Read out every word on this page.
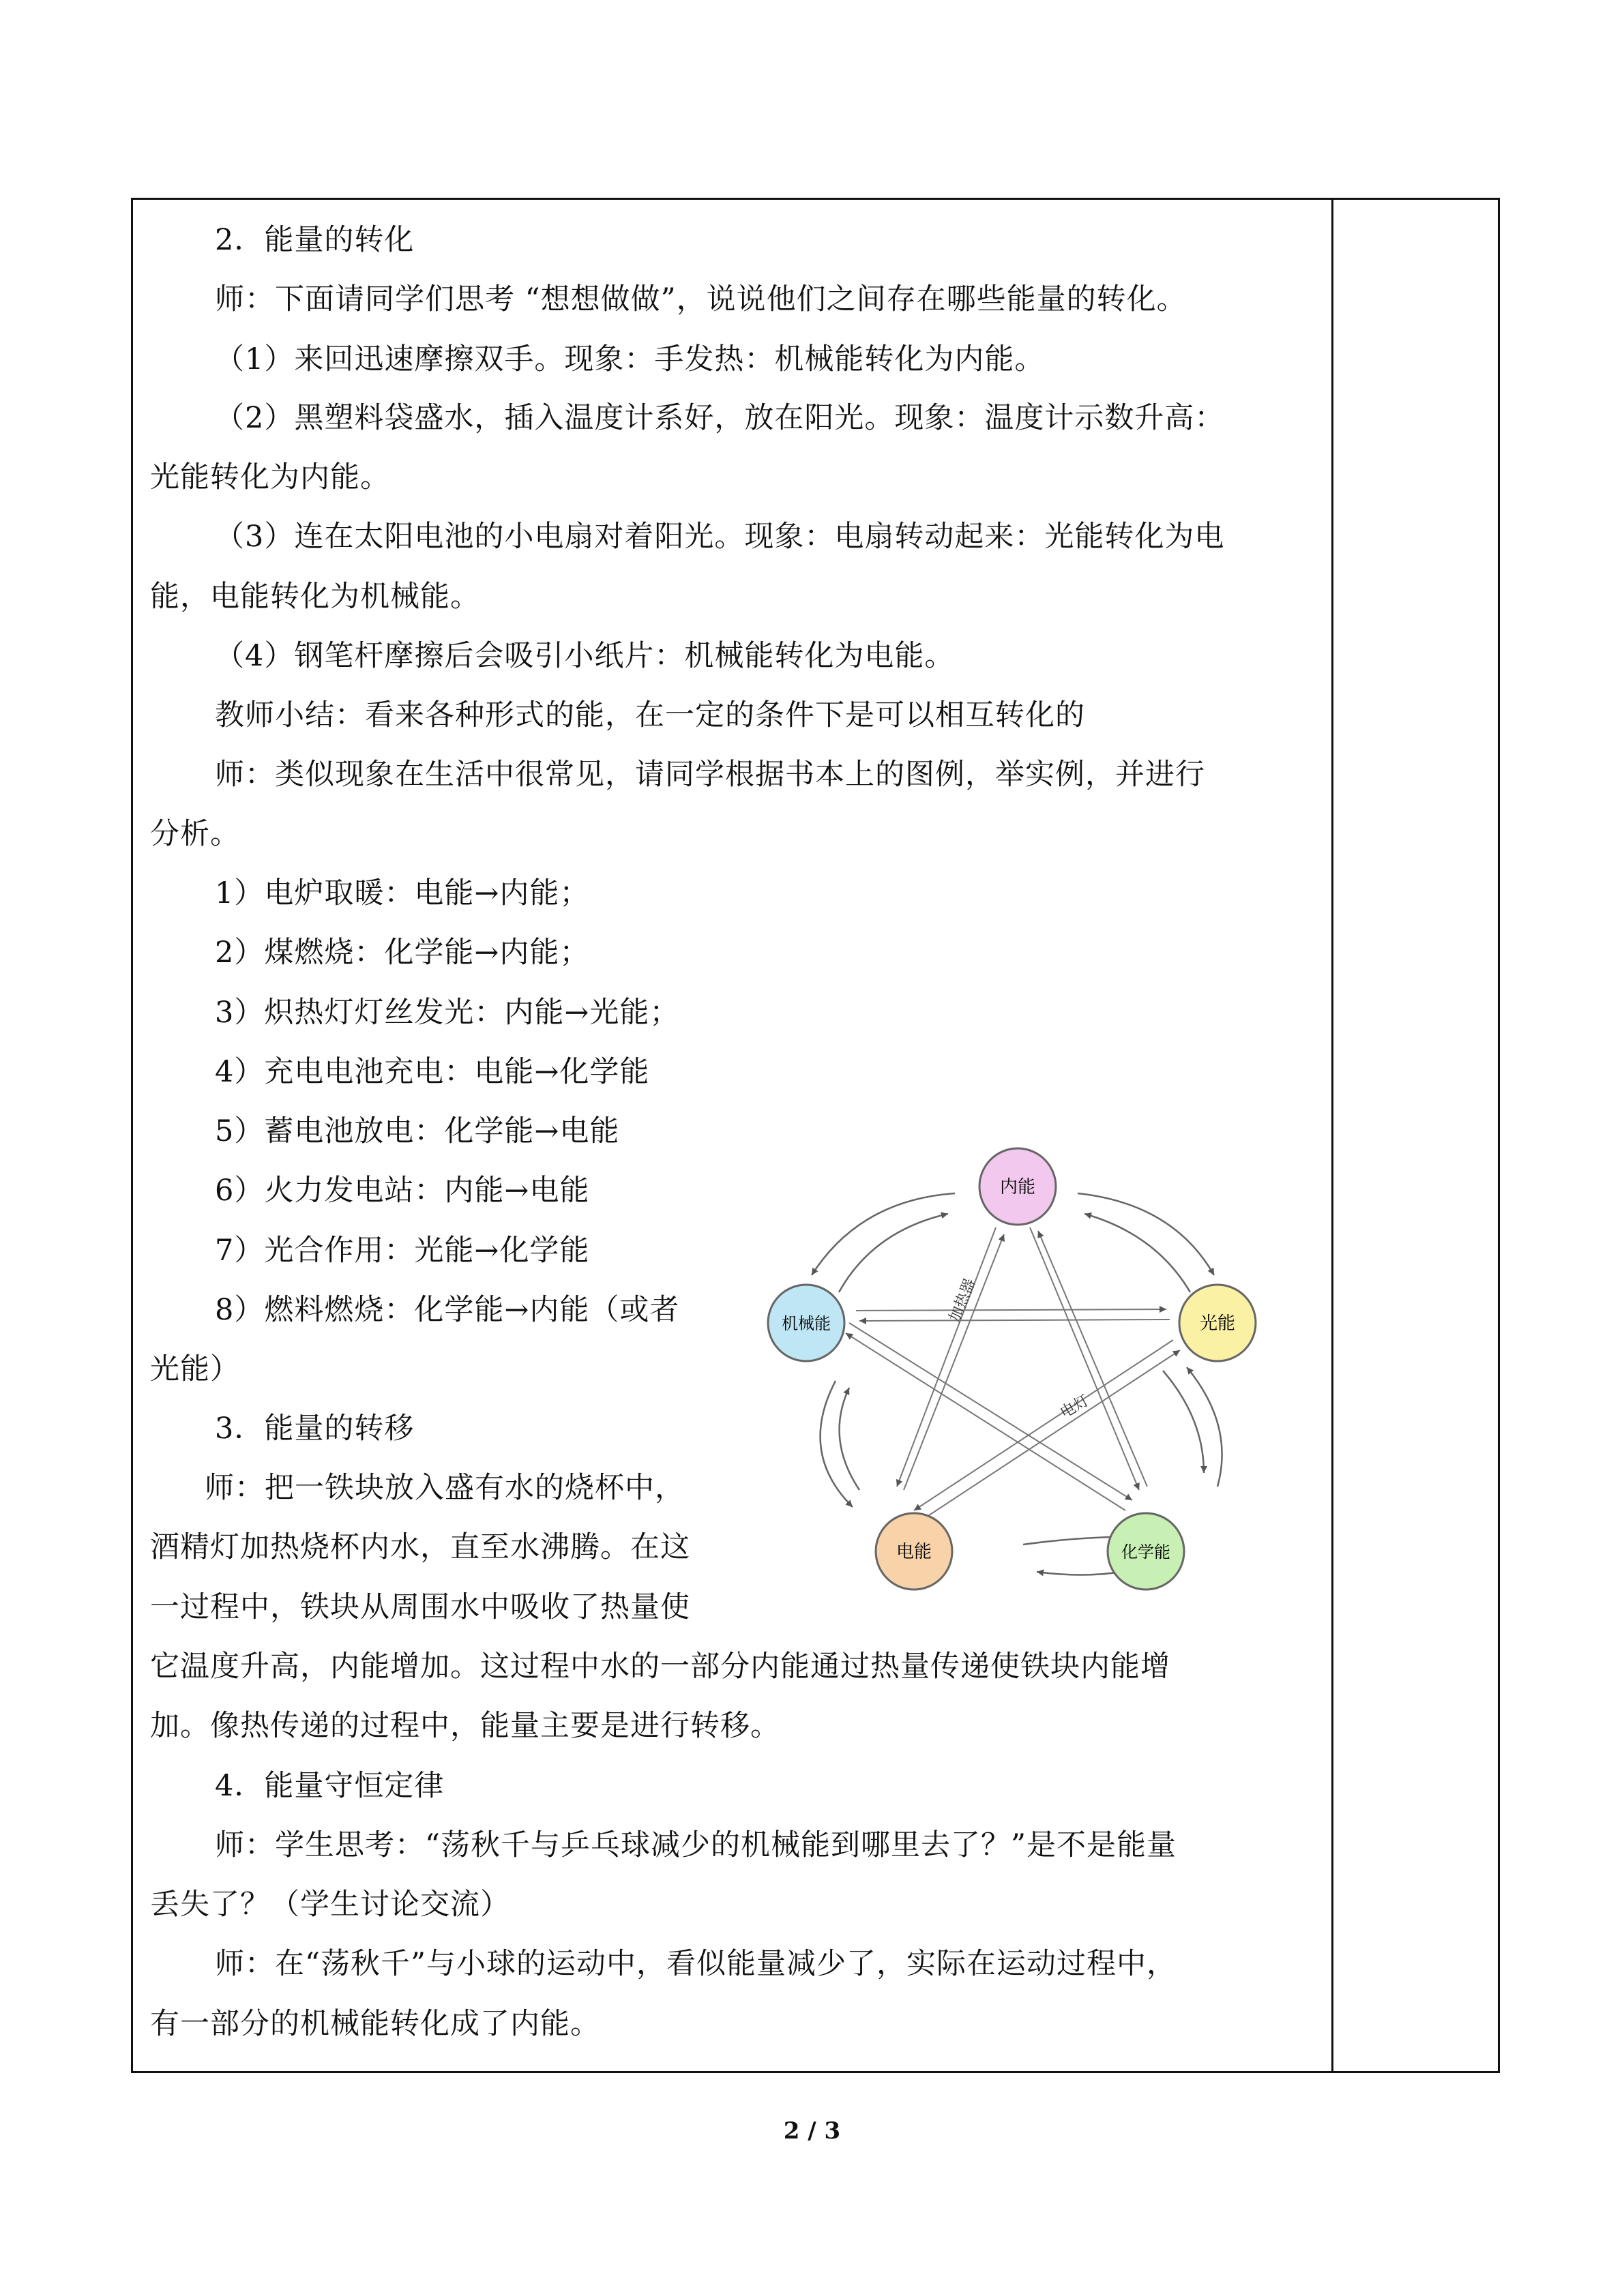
2．能量的转化
师：下面请同学们思考 “想想做做”，说说他们之间存在哪些能量的转化。
（1）来回迅速摩擦双手。现象：手发热：机械能转化为内能。
（2）黑塑料袋盛水，插入温度计系好，放在阳光。现象：温度计示数升高：
光能转化为内能。
（3）连在太阳电池的小电扇对着阳光。现象：电扇转动起来：光能转化为电
能，电能转化为机械能。
（4）钢笔杆摩擦后会吸引小纸片：机械能转化为电能。
教师小结：看来各种形式的能，在一定的条件下是可以相互转化的
师：类似现象在生活中很常见，请同学根据书本上的图例，举实例，并进行
分析。
1）电炉取暖：电能→内能；
2）煤燃烧：化学能→内能；
3）炽热灯灯丝发光：内能→光能；
4）充电电池充电：电能→化学能
5）蓄电池放电：化学能→电能
6）火力发电站：内能→电能
7）光合作用：光能→化学能
8）燃料燃烧：化学能→内能（或者
光能）
3．能量的转移
师：把一铁块放入盛有水的烧杯中，
酒精灯加热烧杯内水，直至水沸腾。在这
一过程中，铁块从周围水中吸收了热量使
它温度升高，内能增加。这过程中水的一部分内能通过热量传递使铁块内能增
加。像热传递的过程中，能量主要是进行转移。
4．能量守恒定律
师：学生思考：“荡秋千与乒乓球减少的机械能到哪里去了？”是不是能量
丢失了？（学生讨论交流）
师：在“荡秋千”与小球的运动中，看似能量减少了，实际在运动过程中，
有一部分的机械能转化成了内能。
加热器
电灯
内能
光能
化学能
电能
机械能
2 / 3
